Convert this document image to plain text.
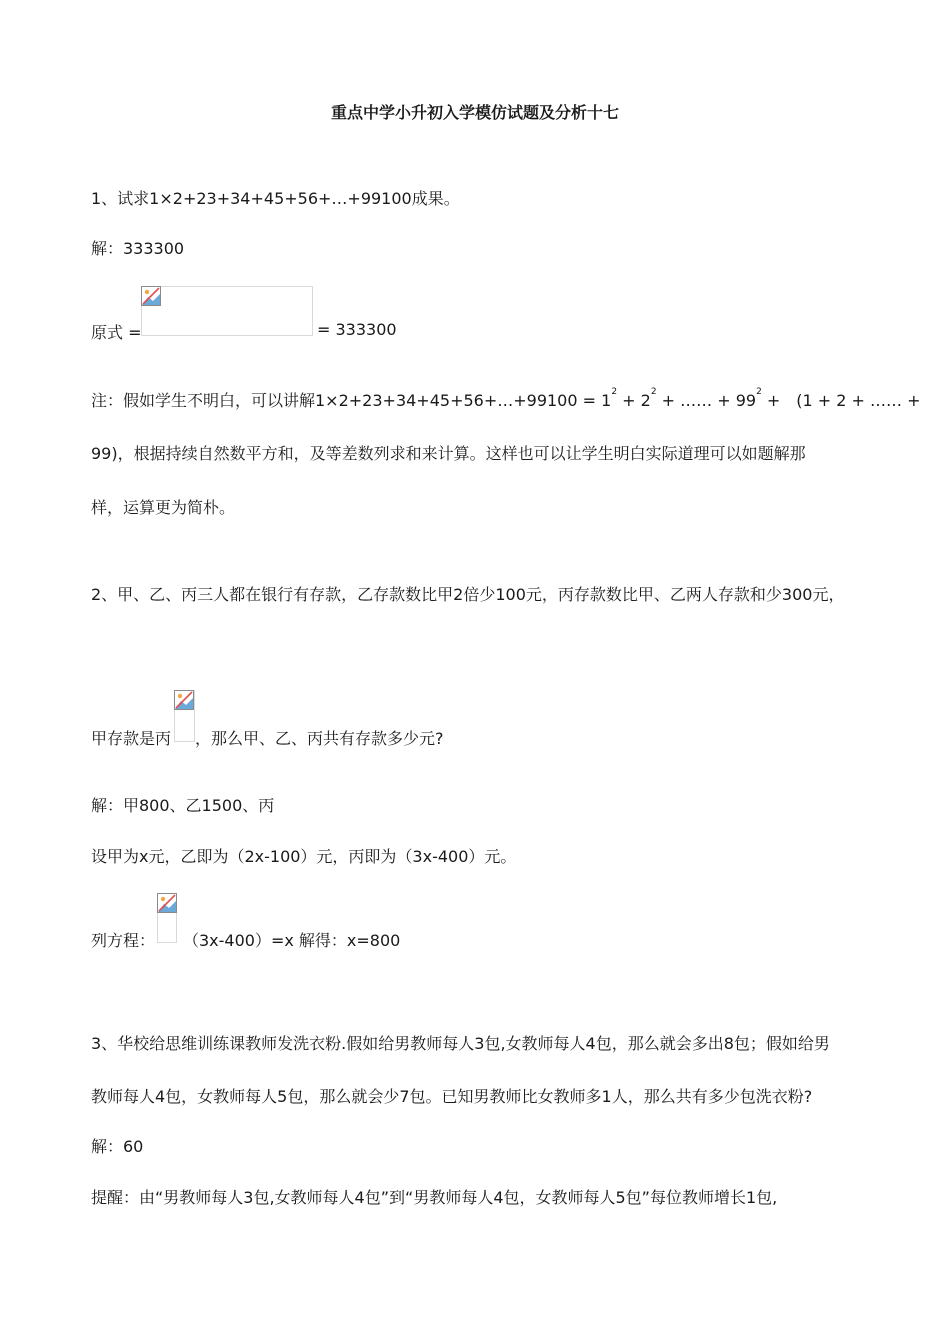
重点中学小升初入学模仿试题及分析十七
1、试求1×2+23+34+45+56+…+99100成果。
解：333300
原式 =	= 333300
注：假如学生不明白，可以讲解1×2+23+34+45+56+…+99100 = $1^2 + 2^2$ + …… + $99^2$ +　(1 + 2 + …… +
99)，根据持续自然数平方和，及等差数列求和来计算。这样也可以让学生明白实际道理可以如题解那
样，运算更为简朴。
2、甲、乙、丙三人都在银行有存款，乙存款数比甲2倍少100元，丙存款数比甲、乙两人存款和少300元，
甲存款是丙 ，那么甲、乙、丙共有存款多少元?
解：甲800、乙1500、丙
设甲为x元，乙即为（2x-100）元，丙即为（3x-400）元。
列方程： （3x-400）=x 解得：x=800
3、华校给思维训练课教师发洗衣粉.假如给男教师每人3包,女教师每人4包，那么就会多出8包；假如给男
教师每人4包，女教师每人5包，那么就会少7包。已知男教师比女教师多1人，那么共有多少包洗衣粉?
解：60
提醒：由“男教师每人3包,女教师每人4包”到“男教师每人4包，女教师每人5包”每位教师增长1包,
